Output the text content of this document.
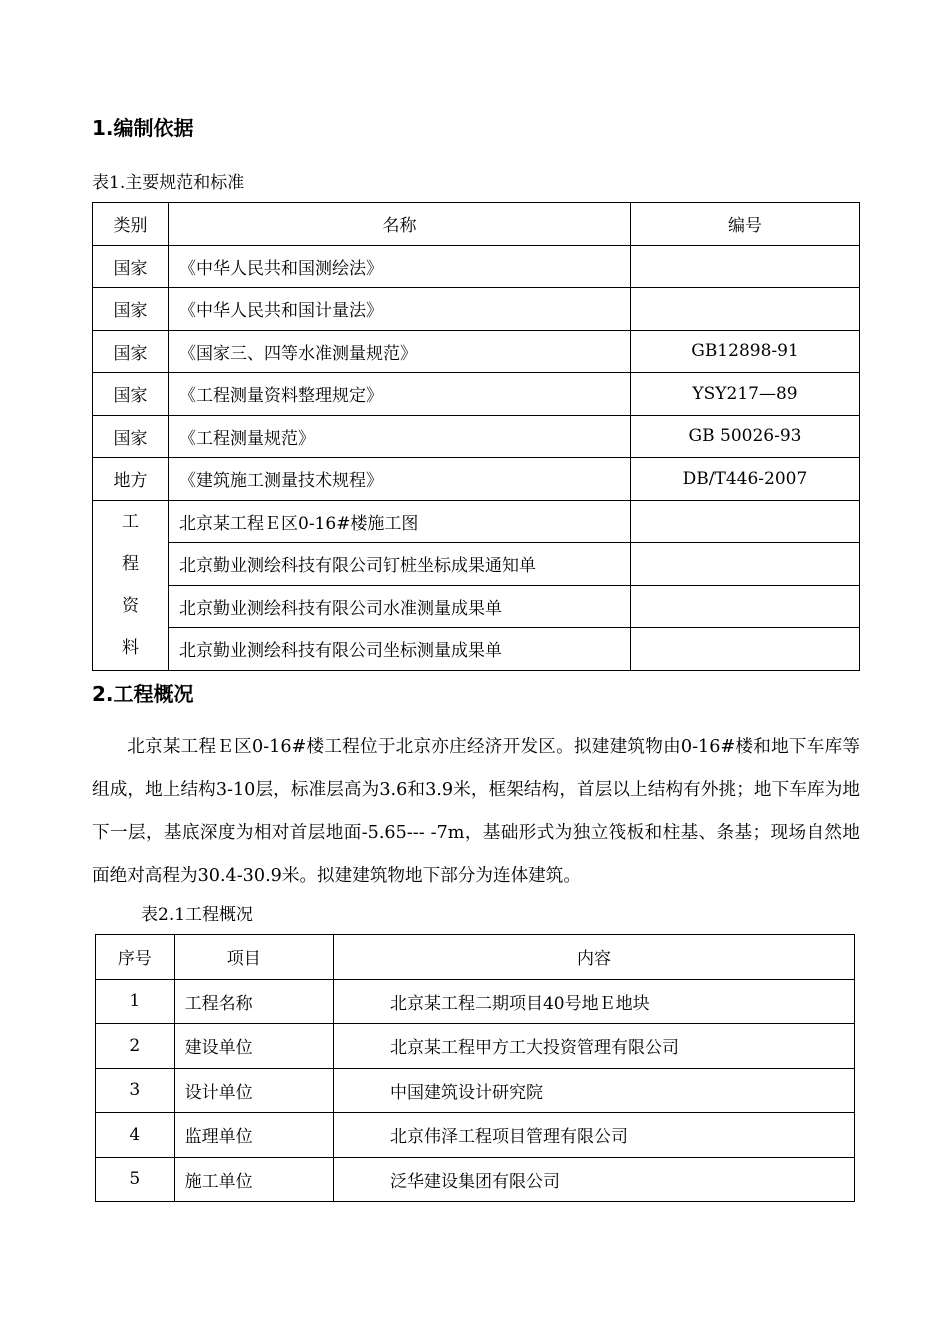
1.编制依据

表1.主要规范和标准

类别	名称	编号
国家	《中华人民共和国测绘法》	
国家	《中华人民共和国计量法》	
国家	《国家三、四等水准测量规范》	GB12898-91
国家	《工程测量资料整理规定》	YSY217—89
国家	《工程测量规范》	GB 50026-93
地方	《建筑施工测量技术规程》	DB/T446-2007

工
程
资
料	北京某工程Ｅ区0-16#楼施工图	
	北京勤业测绘科技有限公司钉桩坐标成果通知单	
	北京勤业测绘科技有限公司水准测量成果单	
	北京勤业测绘科技有限公司坐标测量成果单	
2.工程概况

北京某工程Ｅ区0-16#楼工程位于北京亦庄经济开发区。拟建建筑物由0-16#楼和地下车库等组成，地上结构3-10层，标准层高为3.6和3.9米，框架结构，首层以上结构有外挑；地下车库为地下一层，基底深度为相对首层地面-5.65--- -7m，基础形式为独立筏板和柱基、条基；现场自然地面绝对高程为30.4-30.9米。拟建建筑物地下部分为连体建筑。

表2.1工程概况

序号	项目	内容
1	工程名称	北京某工程二期项目40号地Ｅ地块
2	建设单位	北京某工程甲方工大投资管理有限公司
3	设计单位	中国建筑设计研究院
4	监理单位	北京伟泽工程项目管理有限公司
5	施工单位	泛华建设集团有限公司
